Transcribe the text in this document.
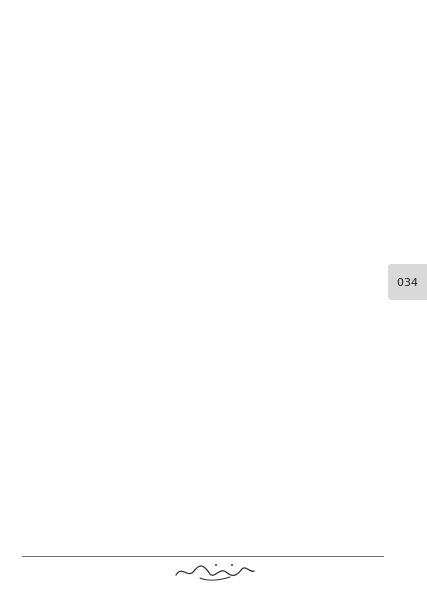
034
